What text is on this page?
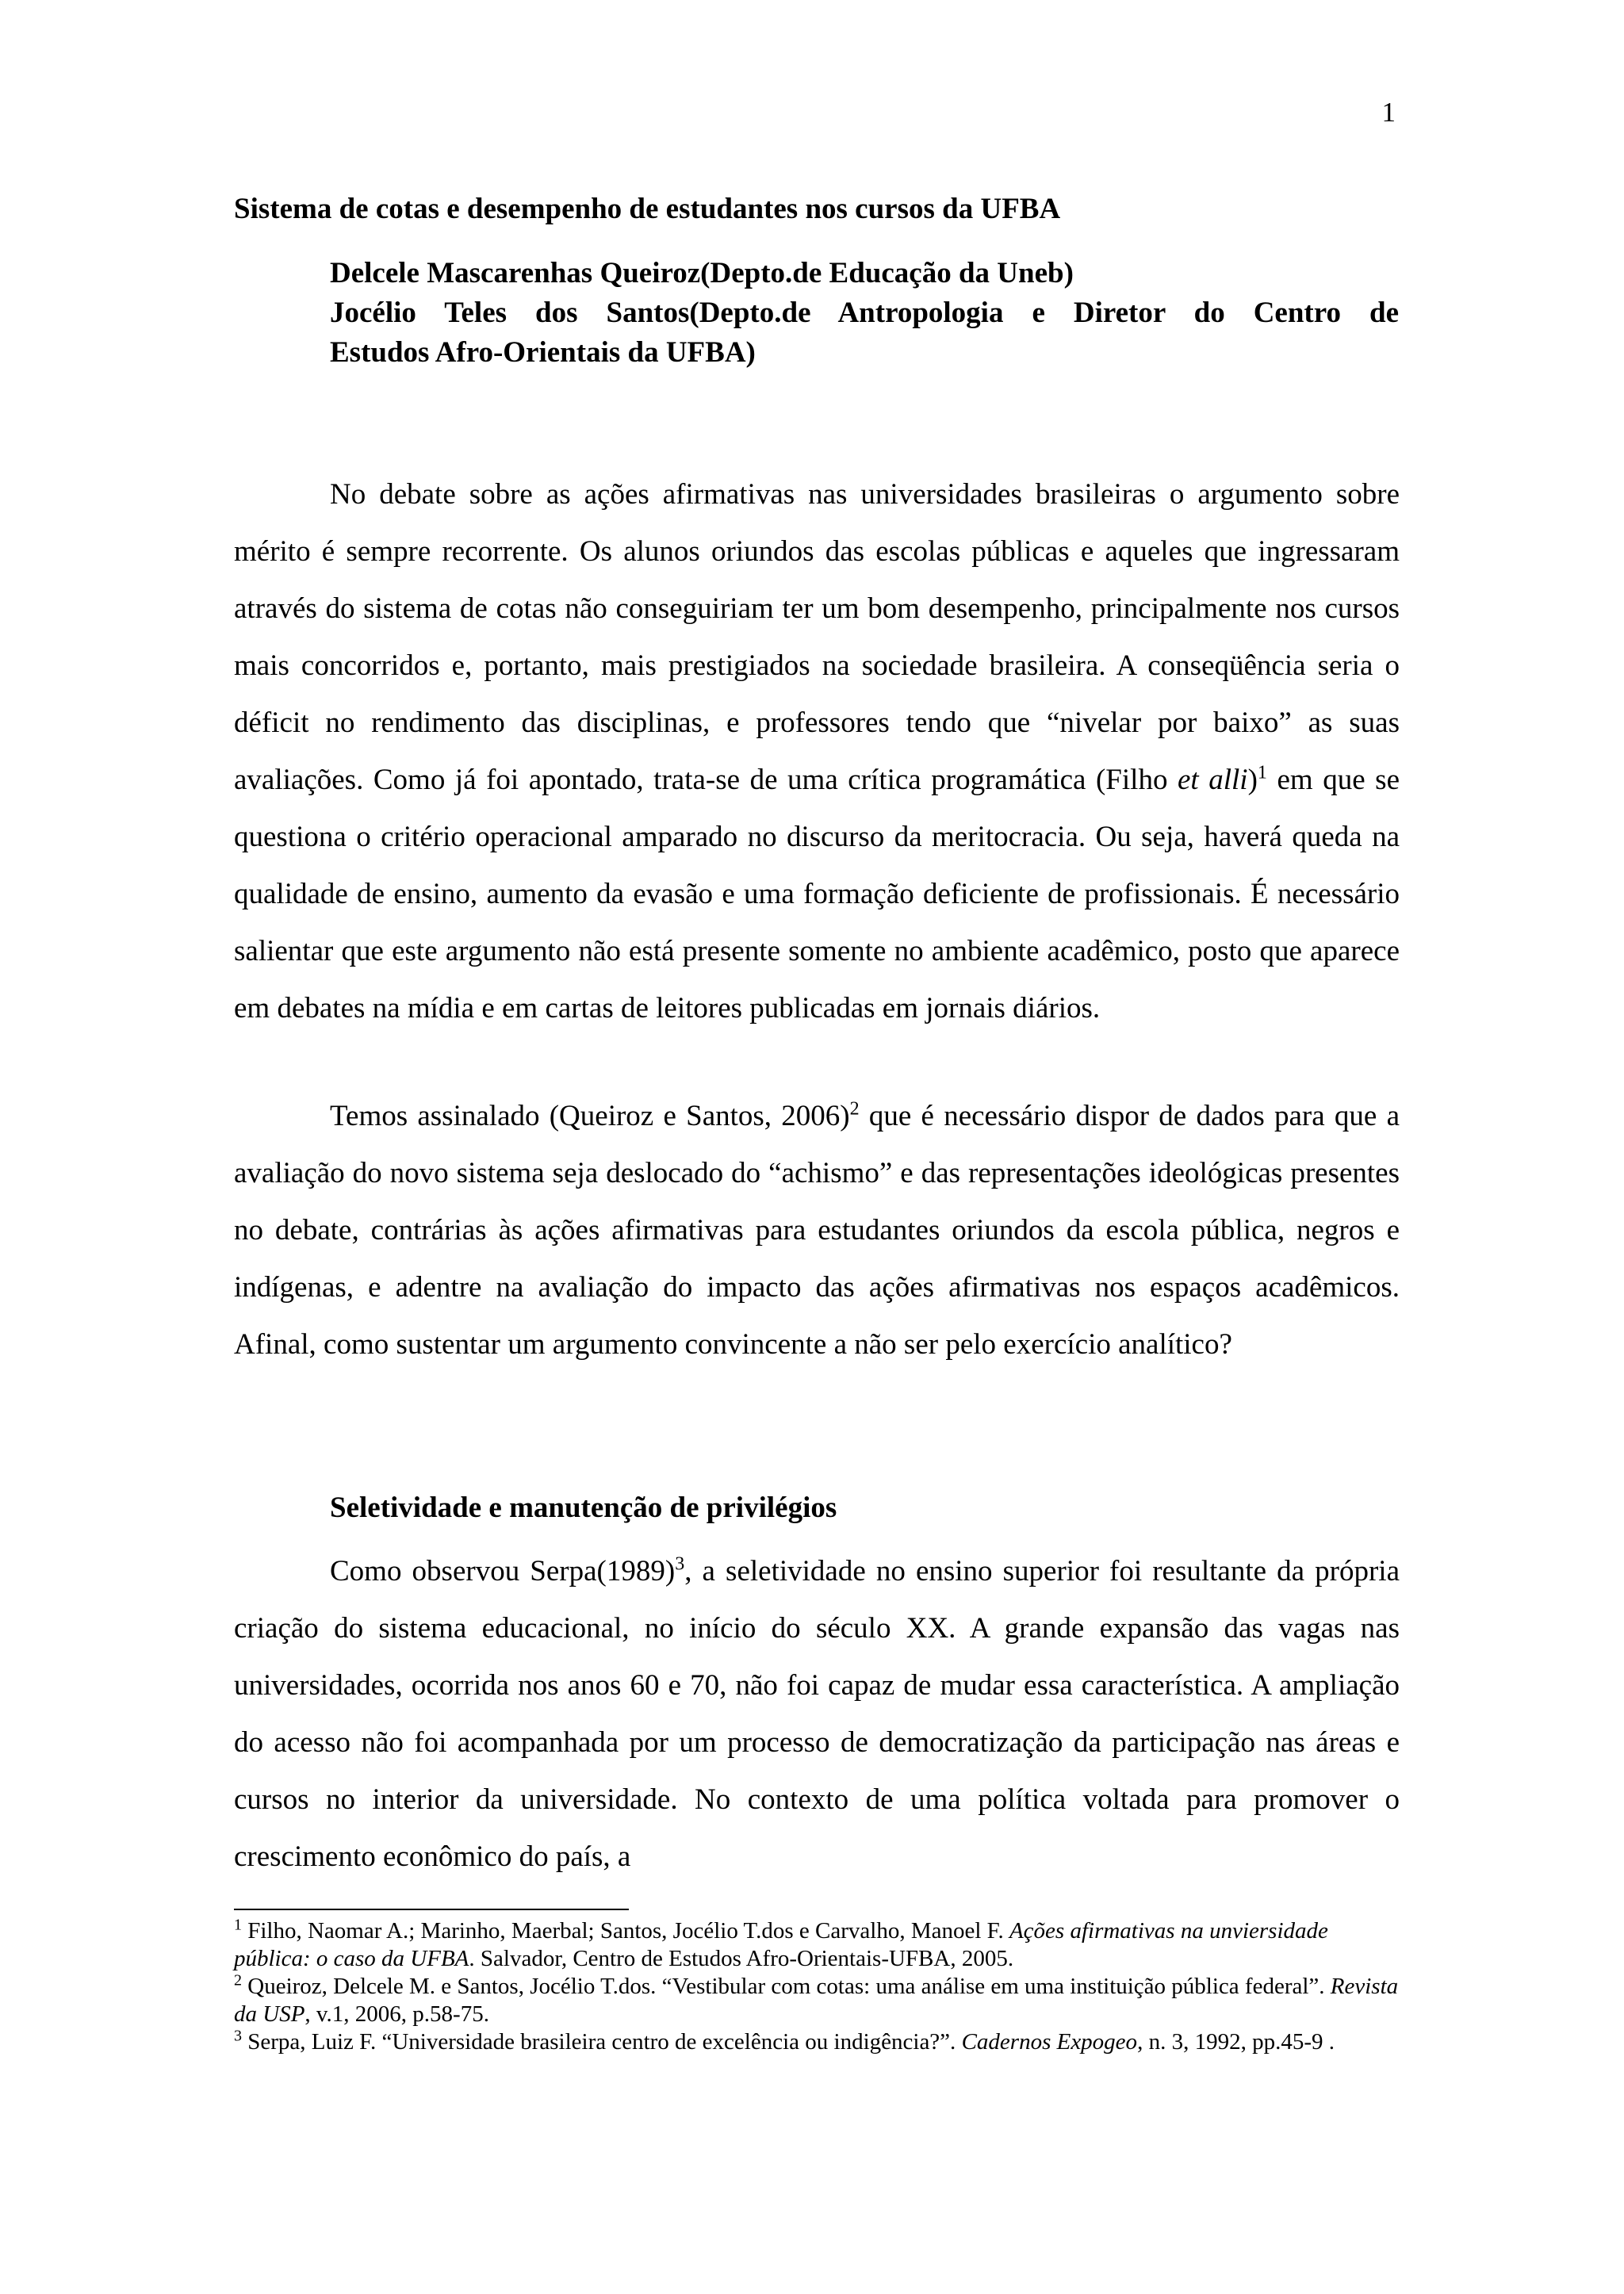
1
Sistema de cotas e desempenho de estudantes nos cursos da UFBA
Delcele Mascarenhas Queiroz(Depto.de Educação da Uneb)
Jocélio Teles dos Santos(Depto.de Antropologia e Diretor do Centro de
Estudos Afro-Orientais da UFBA)

No debate sobre as ações afirmativas nas universidades brasileiras o argumento sobre mérito é sempre recorrente. Os alunos oriundos das escolas públicas e aqueles que ingressaram através do sistema de cotas não conseguiriam ter um bom desempenho, principalmente nos cursos mais concorridos e, portanto, mais prestigiados na sociedade brasileira. A conseqüência seria o déficit no rendimento das disciplinas, e professores tendo que “nivelar por baixo” as suas avaliações. Como já foi apontado, trata-se de uma crítica programática (Filho et alli)$^1$ em que se questiona o critério operacional amparado no discurso da meritocracia. Ou seja, haverá queda na qualidade de ensino, aumento da evasão e uma formação deficiente de profissionais. É necessário salientar que este argumento não está presente somente no ambiente acadêmico, posto que aparece em debates na mídia e em cartas de leitores publicadas em jornais diários.

Temos assinalado (Queiroz e Santos, 2006)$^2$ que é necessário dispor de dados para que a avaliação do novo sistema seja deslocado do “achismo” e das representações ideológicas presentes no debate, contrárias às ações afirmativas para estudantes oriundos da escola pública, negros e indígenas, e adentre na avaliação do impacto das ações afirmativas nos espaços acadêmicos. Afinal, como sustentar um argumento convincente a não ser pelo exercício analítico?

Seletividade e manutenção de privilégios

Como observou $Serpa(1989)^3$, a seletividade no ensino superior foi resultante da própria criação do sistema educacional, no início do século XX. A grande expansão das vagas nas universidades, ocorrida nos anos 60 e 70, não foi capaz de mudar essa característica. A ampliação do acesso não foi acompanhada por um processo de democratização da participação nas áreas e cursos no interior da universidade. No contexto de uma política voltada para promover o crescimento econômico do país, a

$^1$ Filho, Naomar A.; Marinho, Maerbal; Santos, Jocélio T.dos e Carvalho, Manoel F. Ações afirmativas na unviersidade pública: o caso da UFBA. Salvador, Centro de Estudos Afro-Orientais-UFBA, 2005.

$^2$ Queiroz, Delcele M. e Santos, Jocélio T.dos. “Vestibular com cotas: uma análise em uma instituição pública federal”. Revista da USP, v.1, 2006, p.58-75.

$^3$ Serpa, Luiz F. “Universidade brasileira centro de excelência ou indigência?”. Cadernos Expogeo, n. 3, 1992, pp.45-9 .
